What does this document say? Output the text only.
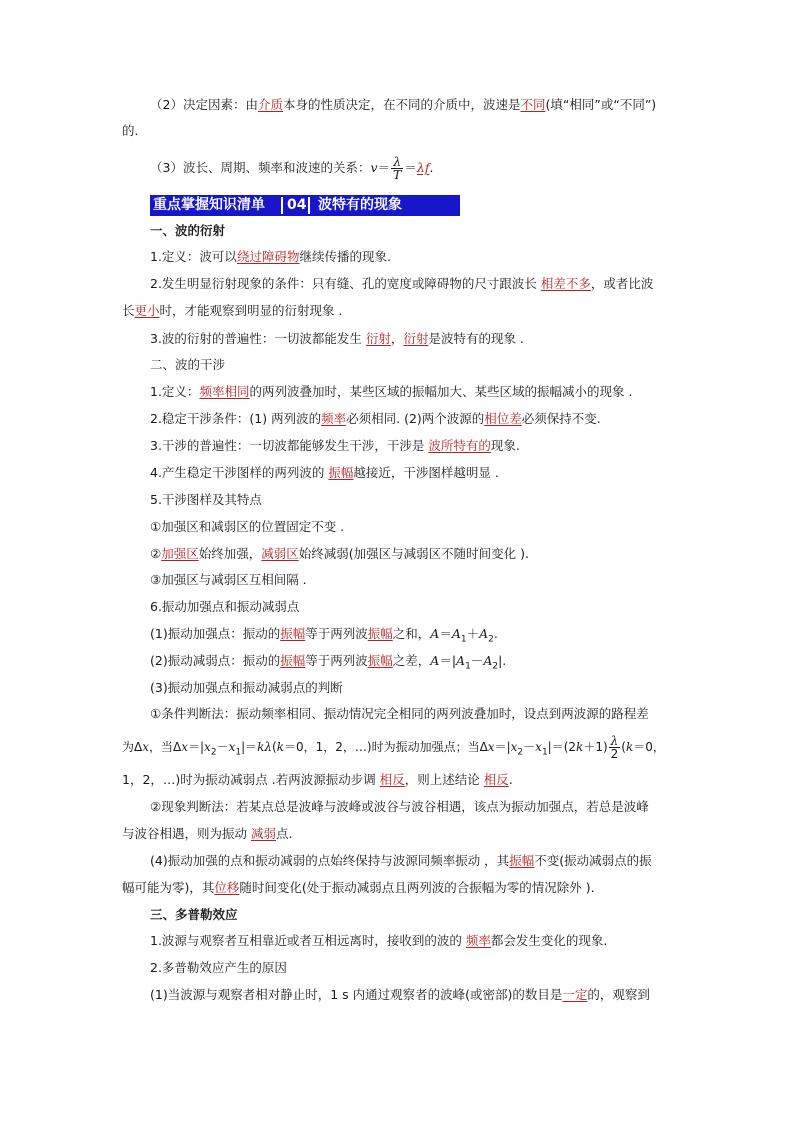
（2）决定因素：由介质本身的性质决定，在不同的介质中，波速是不同(填“相同”或“不同”)
的.
（3）波长、周期、频率和波速的关系：$v= \frac{\lambda}{T} =\lambda f$.
重点掌握知识清单 04 波特有的现象
一、波的衍射
1.定义：波可以绕过障碍物继续传播的现象.
2.发生明显衍射现象的条件：只有缝、孔的宽度或障碍物的尺寸跟波长 相差不多，或者比波
长更小时，才能观察到明显的衍射现象 .
3.波的衍射的普遍性：一切波都能发生 衍射，衍射是波特有的现象 .
二、波的干涉
1.定义：频率相同的两列波叠加时，某些区域的振幅加大、某些区域的振幅减小的现象 .
2.稳定干涉条件：(1) 两列波的频率必须相同. (2)两个波源的相位差必须保持不变.
3.干涉的普遍性：一切波都能够发生干涉，干涉是 波所特有的现象.
4.产生稳定干涉图样的两列波的 振幅越接近，干涉图样越明显 .
5.干涉图样及其特点
①加强区和减弱区的位置固定不变 .
②加强区始终加强，减弱区始终减弱(加强区与减弱区不随时间变化 ).
③加强区与减弱区互相间隔 .
6.振动加强点和振动减弱点
(1)振动加强点：振动的振幅等于两列波振幅之和，$A=A_1+A_2$.
(2)振动减弱点：振动的振幅等于两列波振幅之差，$A=|A_1-A_2|$.
(3)振动加强点和振动减弱点的判断
①条件判断法：振动频率相同、振动情况完全相同的两列波叠加时，设点到两波源的路程差
为Δx，当$\Delta x=|x_2-x_1|=k\lambda(k=0$，1，2，…)时为振动加强点；当$\Delta x=|x_2-x_1|=(2k+1) \frac{\lambda}{2} (k=0$，
1，2，…)时为振动减弱点 .若两波源振动步调 相反，则上述结论 相反.
②现象判断法：若某点总是波峰与波峰或波谷与波谷相遇，该点为振动加强点，若总是波峰
与波谷相遇，则为振动 减弱点.
(4)振动加强的点和振动减弱的点始终保持与波源同频率振动 ，其振幅不变(振动减弱点的振
幅可能为零)，其位移随时间变化(处于振动减弱点且两列波的合振幅为零的情况除外 ).
三、多普勒效应
1.波源与观察者互相靠近或者互相远离时，接收到的波的 频率都会发生变化的现象.
2.多普勒效应产生的原因
(1)当波源与观察者相对静止时，1 s 内通过观察者的波峰(或密部)的数目是一定的，观察到
